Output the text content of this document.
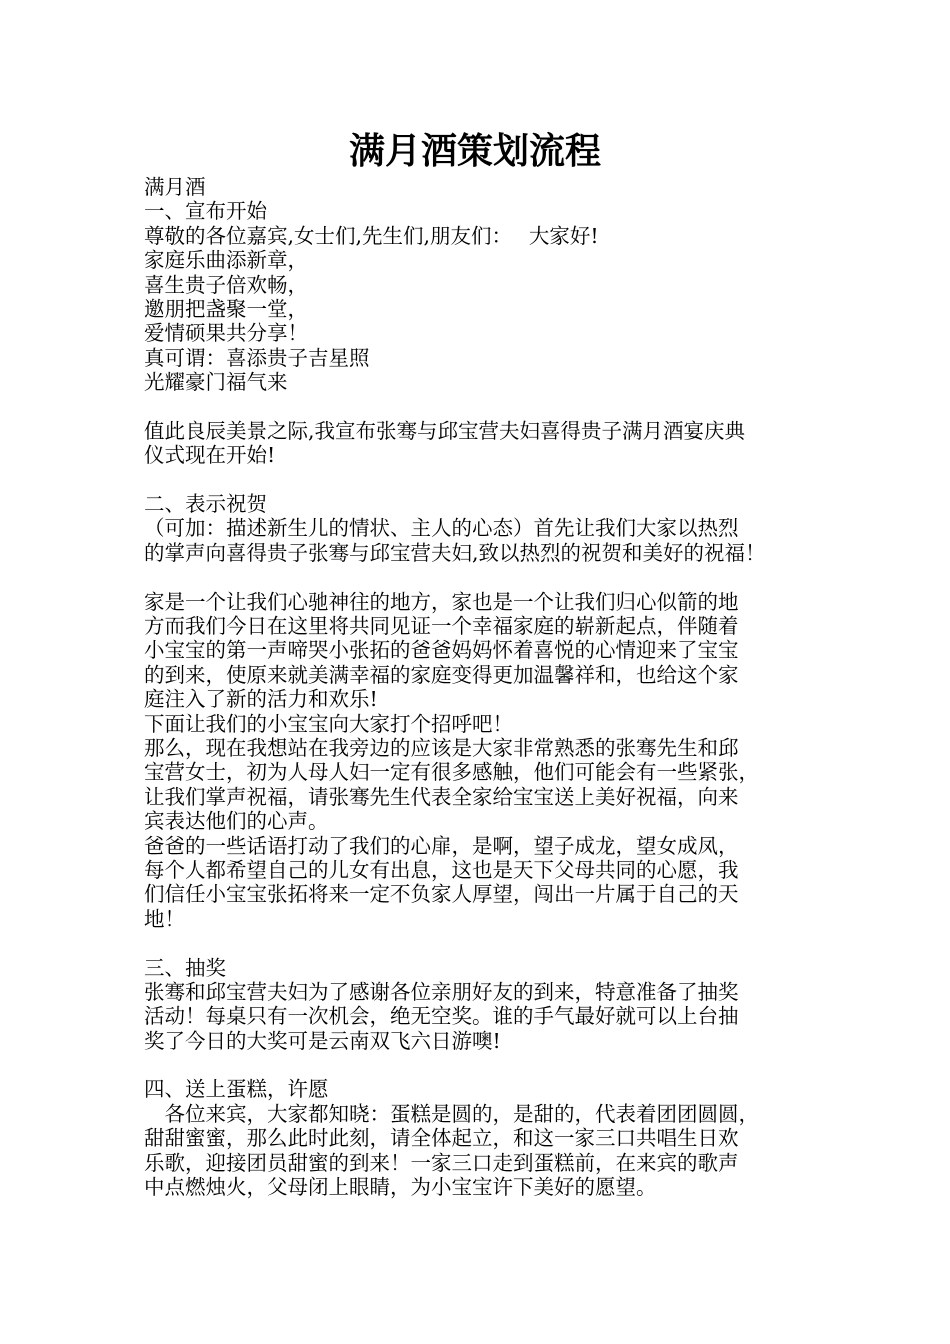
满月酒策划流程
满月酒
一、宣布开始
尊敬的各位嘉宾,女士们,先生们,朋友们：　 大家好!
家庭乐曲添新章，
喜生贵子倍欢畅，
邀朋把盏聚一堂，
爱情硕果共分享！
真可谓：喜添贵子吉星照
光耀豪门福气来
值此良辰美景之际,我宣布张骞与邱宝营夫妇喜得贵子满月酒宴庆典
仪式现在开始!
二、表示祝贺
（可加：描述新生儿的情状、主人的心态）首先让我们大家以热烈
的掌声向喜得贵子张骞与邱宝营夫妇,致以热烈的祝贺和美好的祝福！
家是一个让我们心驰神往的地方，家也是一个让我们归心似箭的地
方而我们今日在这里将共同见证一个幸福家庭的崭新起点，伴随着
小宝宝的第一声啼哭小张拓的爸爸妈妈怀着喜悦的心情迎来了宝宝
的到来，使原来就美满幸福的家庭变得更加温馨祥和，也给这个家
庭注入了新的活力和欢乐!
下面让我们的小宝宝向大家打个招呼吧！
那么，现在我想站在我旁边的应该是大家非常熟悉的张骞先生和邱
宝营女士，初为人母人妇一定有很多感触，他们可能会有一些紧张，
让我们掌声祝福，请张骞先生代表全家给宝宝送上美好祝福，向来
宾表达他们的心声。
爸爸的一些话语打动了我们的心扉，是啊，望子成龙，望女成凤，
每个人都希望自己的儿女有出息，这也是天下父母共同的心愿，我
们信任小宝宝张拓将来一定不负家人厚望，闯出一片属于自己的天
地！
三、抽奖
张骞和邱宝营夫妇为了感谢各位亲朋好友的到来，特意准备了抽奖
活动！每桌只有一次机会，绝无空奖。谁的手气最好就可以上台抽
奖了今日的大奖可是云南双飞六日游噢!
四、送上蛋糕，许愿
　各位来宾，大家都知晓：蛋糕是圆的，是甜的，代表着团团圆圆，
甜甜蜜蜜，那么此时此刻，请全体起立，和这一家三口共唱生日欢
乐歌，迎接团员甜蜜的到来！一家三口走到蛋糕前，在来宾的歌声
中点燃烛火，父母闭上眼睛，为小宝宝许下美好的愿望。
